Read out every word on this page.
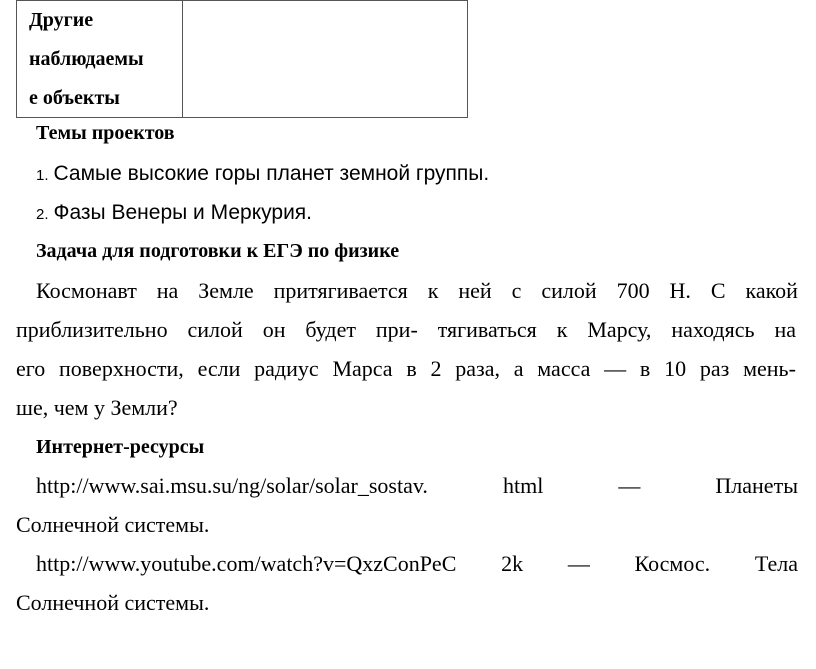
Другие
наблюдаемы
е объекты
Темы проектов
1. Самые высокие горы планет земной группы.
2. Фазы Венеры и Меркурия.
Задача для подготовки к ЕГЭ по физике
Космонавт на Земле притягивается к ней с силой 700 Н. С какой
приблизительно силой он будет при- тягиваться к Марсу, находясь на
его поверхности, если радиус Марса в 2 раза, а масса — в 10 раз мень-
ше, чем у Земли?
Интернет-ресурсы
http://www.sai.msu.su/ng/solar/solar_sostav.	html	—	Планеты
Солнечной системы.
http://www.youtube.com/watch?v=QxzConPeC 2k — Космос. Тела
Солнечной системы.
